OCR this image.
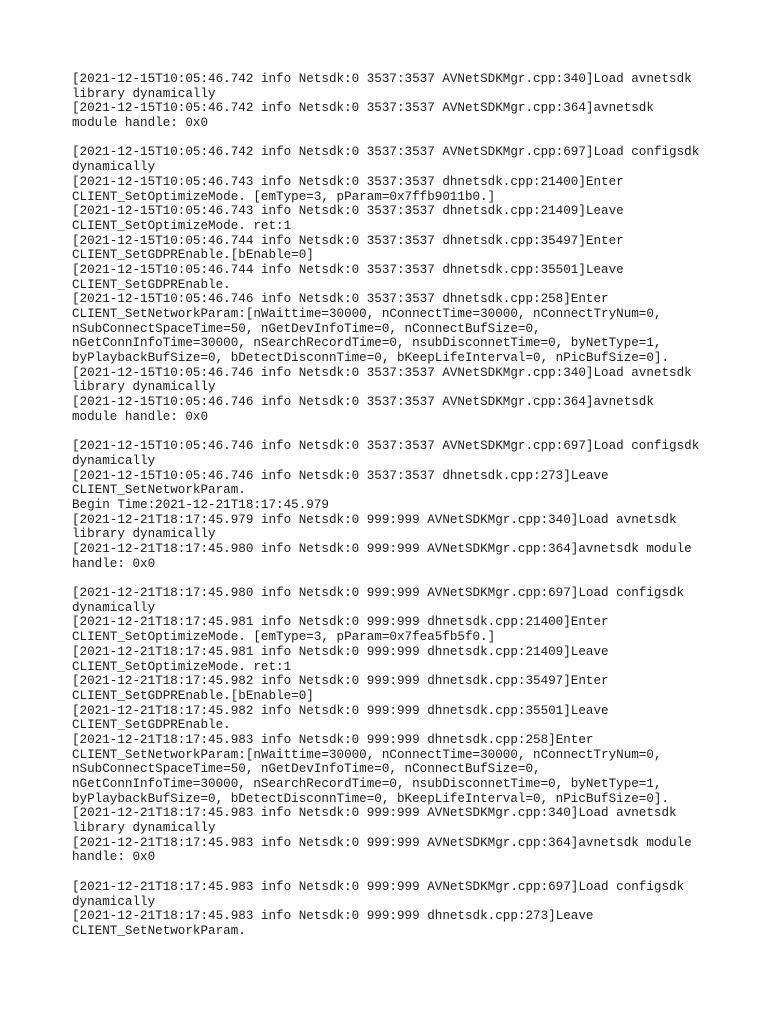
[2021-12-15T10:05:46.742 info Netsdk:0 3537:3537 AVNetSDKMgr.cpp:340]Load avnetsdk
library dynamically
[2021-12-15T10:05:46.742 info Netsdk:0 3537:3537 AVNetSDKMgr.cpp:364]avnetsdk
module handle: 0x0
[2021-12-15T10:05:46.742 info Netsdk:0 3537:3537 AVNetSDKMgr.cpp:697]Load configsdk
dynamically
[2021-12-15T10:05:46.743 info Netsdk:0 3537:3537 dhnetsdk.cpp:21400]Enter
CLIENT_SetOptimizeMode. [emType=3, pParam=0x7ffb9011b0.]
[2021-12-15T10:05:46.743 info Netsdk:0 3537:3537 dhnetsdk.cpp:21409]Leave
CLIENT_SetOptimizeMode. ret:1
[2021-12-15T10:05:46.744 info Netsdk:0 3537:3537 dhnetsdk.cpp:35497]Enter
CLIENT_SetGDPREnable.[bEnable=0]
[2021-12-15T10:05:46.744 info Netsdk:0 3537:3537 dhnetsdk.cpp:35501]Leave
CLIENT_SetGDPREnable.
[2021-12-15T10:05:46.746 info Netsdk:0 3537:3537 dhnetsdk.cpp:258]Enter
CLIENT_SetNetworkParam:[nWaittime=30000, nConnectTime=30000, nConnectTryNum=0,
nSubConnectSpaceTime=50, nGetDevInfoTime=0, nConnectBufSize=0,
nGetConnInfoTime=30000, nSearchRecordTime=0, nsubDisconnetTime=0, byNetType=1,
byPlaybackBufSize=0, bDetectDisconnTime=0, bKeepLifeInterval=0, nPicBufSize=0].
[2021-12-15T10:05:46.746 info Netsdk:0 3537:3537 AVNetSDKMgr.cpp:340]Load avnetsdk
library dynamically
[2021-12-15T10:05:46.746 info Netsdk:0 3537:3537 AVNetSDKMgr.cpp:364]avnetsdk
module handle: 0x0
[2021-12-15T10:05:46.746 info Netsdk:0 3537:3537 AVNetSDKMgr.cpp:697]Load configsdk
dynamically
[2021-12-15T10:05:46.746 info Netsdk:0 3537:3537 dhnetsdk.cpp:273]Leave
CLIENT_SetNetworkParam.
Begin Time:2021-12-21T18:17:45.979
[2021-12-21T18:17:45.979 info Netsdk:0 999:999 AVNetSDKMgr.cpp:340]Load avnetsdk
library dynamically
[2021-12-21T18:17:45.980 info Netsdk:0 999:999 AVNetSDKMgr.cpp:364]avnetsdk module
handle: 0x0
[2021-12-21T18:17:45.980 info Netsdk:0 999:999 AVNetSDKMgr.cpp:697]Load configsdk
dynamically
[2021-12-21T18:17:45.981 info Netsdk:0 999:999 dhnetsdk.cpp:21400]Enter
CLIENT_SetOptimizeMode. [emType=3, pParam=0x7fea5fb5f0.]
[2021-12-21T18:17:45.981 info Netsdk:0 999:999 dhnetsdk.cpp:21409]Leave
CLIENT_SetOptimizeMode. ret:1
[2021-12-21T18:17:45.982 info Netsdk:0 999:999 dhnetsdk.cpp:35497]Enter
CLIENT_SetGDPREnable.[bEnable=0]
[2021-12-21T18:17:45.982 info Netsdk:0 999:999 dhnetsdk.cpp:35501]Leave
CLIENT_SetGDPREnable.
[2021-12-21T18:17:45.983 info Netsdk:0 999:999 dhnetsdk.cpp:258]Enter
CLIENT_SetNetworkParam:[nWaittime=30000, nConnectTime=30000, nConnectTryNum=0,
nSubConnectSpaceTime=50, nGetDevInfoTime=0, nConnectBufSize=0,
nGetConnInfoTime=30000, nSearchRecordTime=0, nsubDisconnetTime=0, byNetType=1,
byPlaybackBufSize=0, bDetectDisconnTime=0, bKeepLifeInterval=0, nPicBufSize=0].
[2021-12-21T18:17:45.983 info Netsdk:0 999:999 AVNetSDKMgr.cpp:340]Load avnetsdk
library dynamically
[2021-12-21T18:17:45.983 info Netsdk:0 999:999 AVNetSDKMgr.cpp:364]avnetsdk module
handle: 0x0
[2021-12-21T18:17:45.983 info Netsdk:0 999:999 AVNetSDKMgr.cpp:697]Load configsdk
dynamically
[2021-12-21T18:17:45.983 info Netsdk:0 999:999 dhnetsdk.cpp:273]Leave
CLIENT_SetNetworkParam.
